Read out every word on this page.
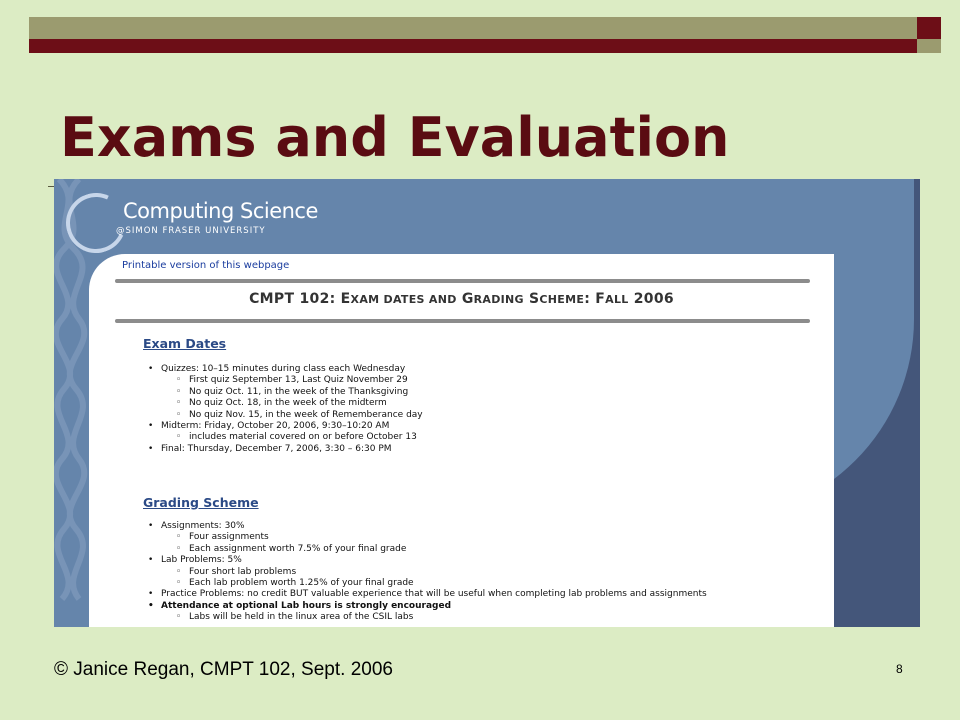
Exams and Evaluation
Computing Science
@SIMON FRASER UNIVERSITY
Printable version of this webpage
CMPT 102: EXAM DATES AND GRADING SCHEME: FALL 2006
Exam Dates
• Quizzes: 10–15 minutes during class each Wednesday
◦ First quiz September 13, Last Quiz November 29
◦ No quiz Oct. 11, in the week of the Thanksgiving
◦ No quiz Oct. 18, in the week of the midterm
◦ No quiz Nov. 15, in the week of Rememberance day
• Midterm: Friday, October 20, 2006, 9:30–10:20 AM
◦ includes material covered on or before October 13
• Final: Thursday, December 7, 2006, 3:30 – 6:30 PM
Grading Scheme
• Assignments: 30%
◦ Four assignments
◦ Each assignment worth 7.5% of your final grade
• Lab Problems: 5%
◦ Four short lab problems
◦ Each lab problem worth 1.25% of your final grade
• Practice Problems: no credit BUT valuable experience that will be useful when completing lab problems and assignments
• Attendance at optional Lab hours is strongly encouraged
◦ Labs will be held in the linux area of the CSIL labs
© Janice Regan, CMPT 102, Sept. 2006	8
